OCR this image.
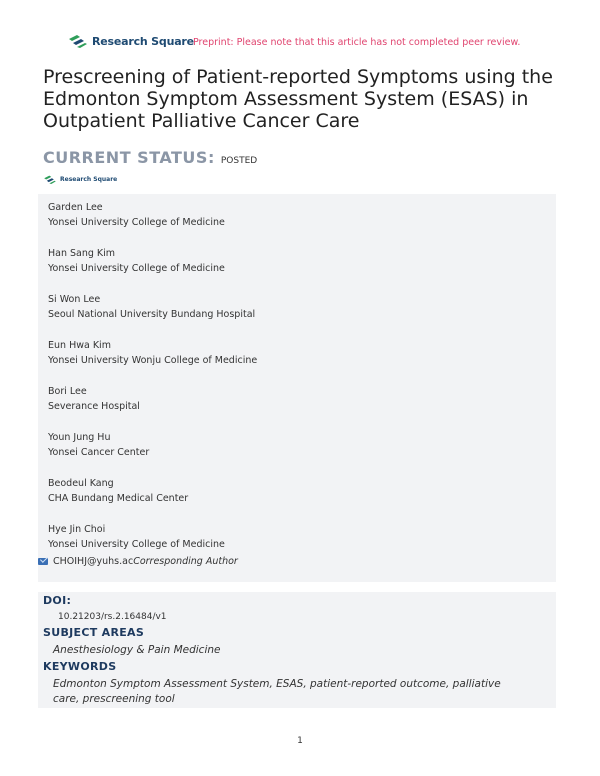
Research Square Preprint: Please note that this article has not completed peer review.
Prescreening of Patient-reported Symptoms using the Edmonton Symptom Assessment System (ESAS) in Outpatient Palliative Cancer Care
CURRENT STATUS: POSTED
Research Square
Garden Lee
Yonsei University College of Medicine
Han Sang Kim
Yonsei University College of Medicine
Si Won Lee
Seoul National University Bundang Hospital
Eun Hwa Kim
Yonsei University Wonju College of Medicine
Bori Lee
Severance Hospital
Youn Jung Hu
Yonsei Cancer Center
Beodeul Kang
CHA Bundang Medical Center
Hye Jin Choi
Yonsei University College of Medicine
CHOIHJ@yuhs.ac Corresponding Author
DOI:
10.21203/rs.2.16484/v1
SUBJECT AREAS
Anesthesiology & Pain Medicine
KEYWORDS
Edmonton Symptom Assessment System, ESAS, patient-reported outcome, palliative
care, prescreening tool
1
